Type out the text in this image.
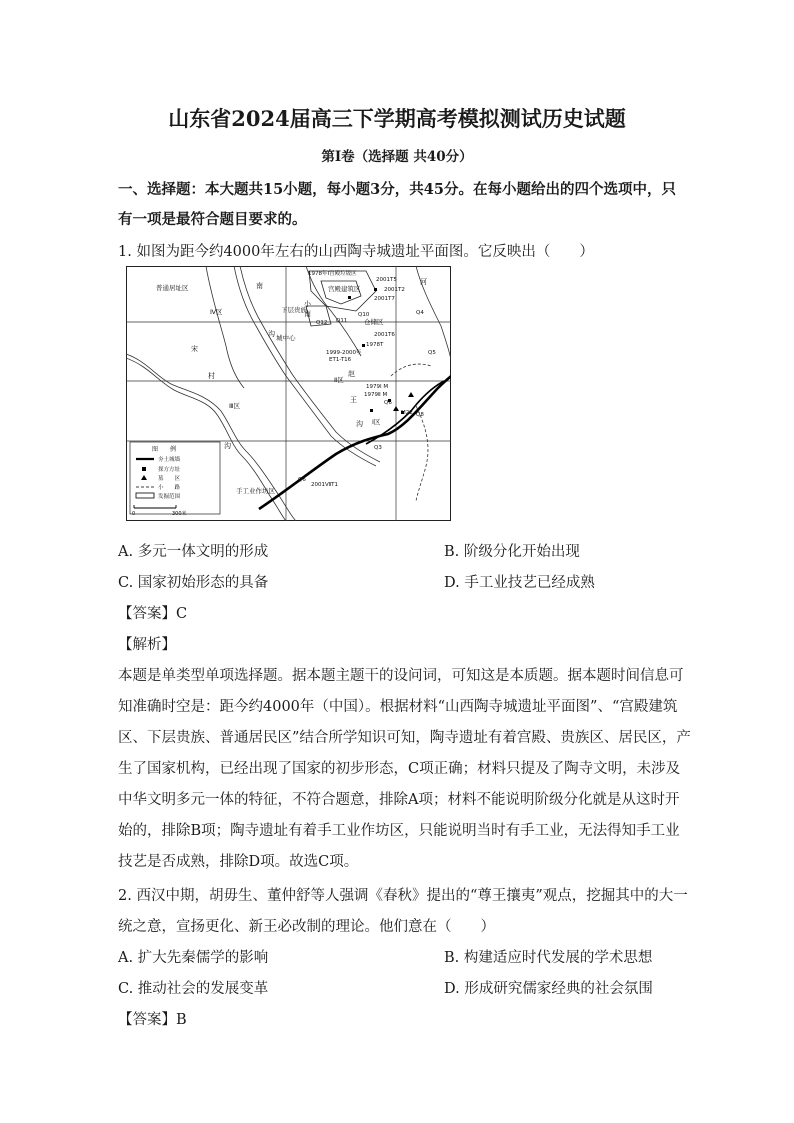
山东省2024届高三下学期高考模拟测试历史试题
第Ⅰ卷（选择题 共40分）
一、选择题：本大题共15小题，每小题3分，共45分。在每小题给出的四个选项中，只
有一项是最符合题目要求的。
1. 如图为距今约4000年左右的山西陶寺城遗址平面图。它反映出（　　）
普通居址区
Ⅳ区
Ⅲ区
Ⅱ区
Ⅰ区
宫殿建筑区
下层贵族
城中心
手工业作坊区
仓储区
1978年Ⅰ宫殿垃圾区
2001T5
2001T2
2001T7
2001T6
1999-2000年
ET1-T16
1978T
1979Ⅰ M
1979Ⅱ M
M22
2001ⅦT1
Q10
Q11
Q12
Q4
Q5
Q6
Q3
Q8
Q6
宋
村
沟
南
沟
赵
王
沟
小
南
河
图　　例
夯土城墙
探方方址
墓　　区
小　　路
发掘范围
0	300米
A. 多元一体文明的形成	B. 阶级分化开始出现
C. 国家初始形态的具备	D. 手工业技艺已经成熟
【答案】C
【解析】
本题是单类型单项选择题。据本题主题干的设问词，可知这是本质题。据本题时间信息可
知准确时空是：距今约4000年（中国）。根据材料“山西陶寺城遗址平面图”、“宫殿建筑
区、下层贵族、普通居民区”结合所学知识可知，陶寺遗址有着宫殿、贵族区、居民区，产
生了国家机构，已经出现了国家的初步形态，C项正确；材料只提及了陶寺文明，未涉及
中华文明多元一体的特征，不符合题意，排除A项；材料不能说明阶级分化就是从这时开
始的，排除B项；陶寺遗址有着手工业作坊区，只能说明当时有手工业，无法得知手工业
技艺是否成熟，排除D项。故选C项。
2. 西汉中期，胡毋生、董仲舒等人强调《春秋》提出的“尊王攘夷”观点，挖掘其中的大一
统之意，宣扬更化、新王必改制的理论。他们意在（　　）
A. 扩大先秦儒学的影响	B. 构建适应时代发展的学术思想
C. 推动社会的发展变革	D. 形成研究儒家经典的社会氛围
【答案】B
